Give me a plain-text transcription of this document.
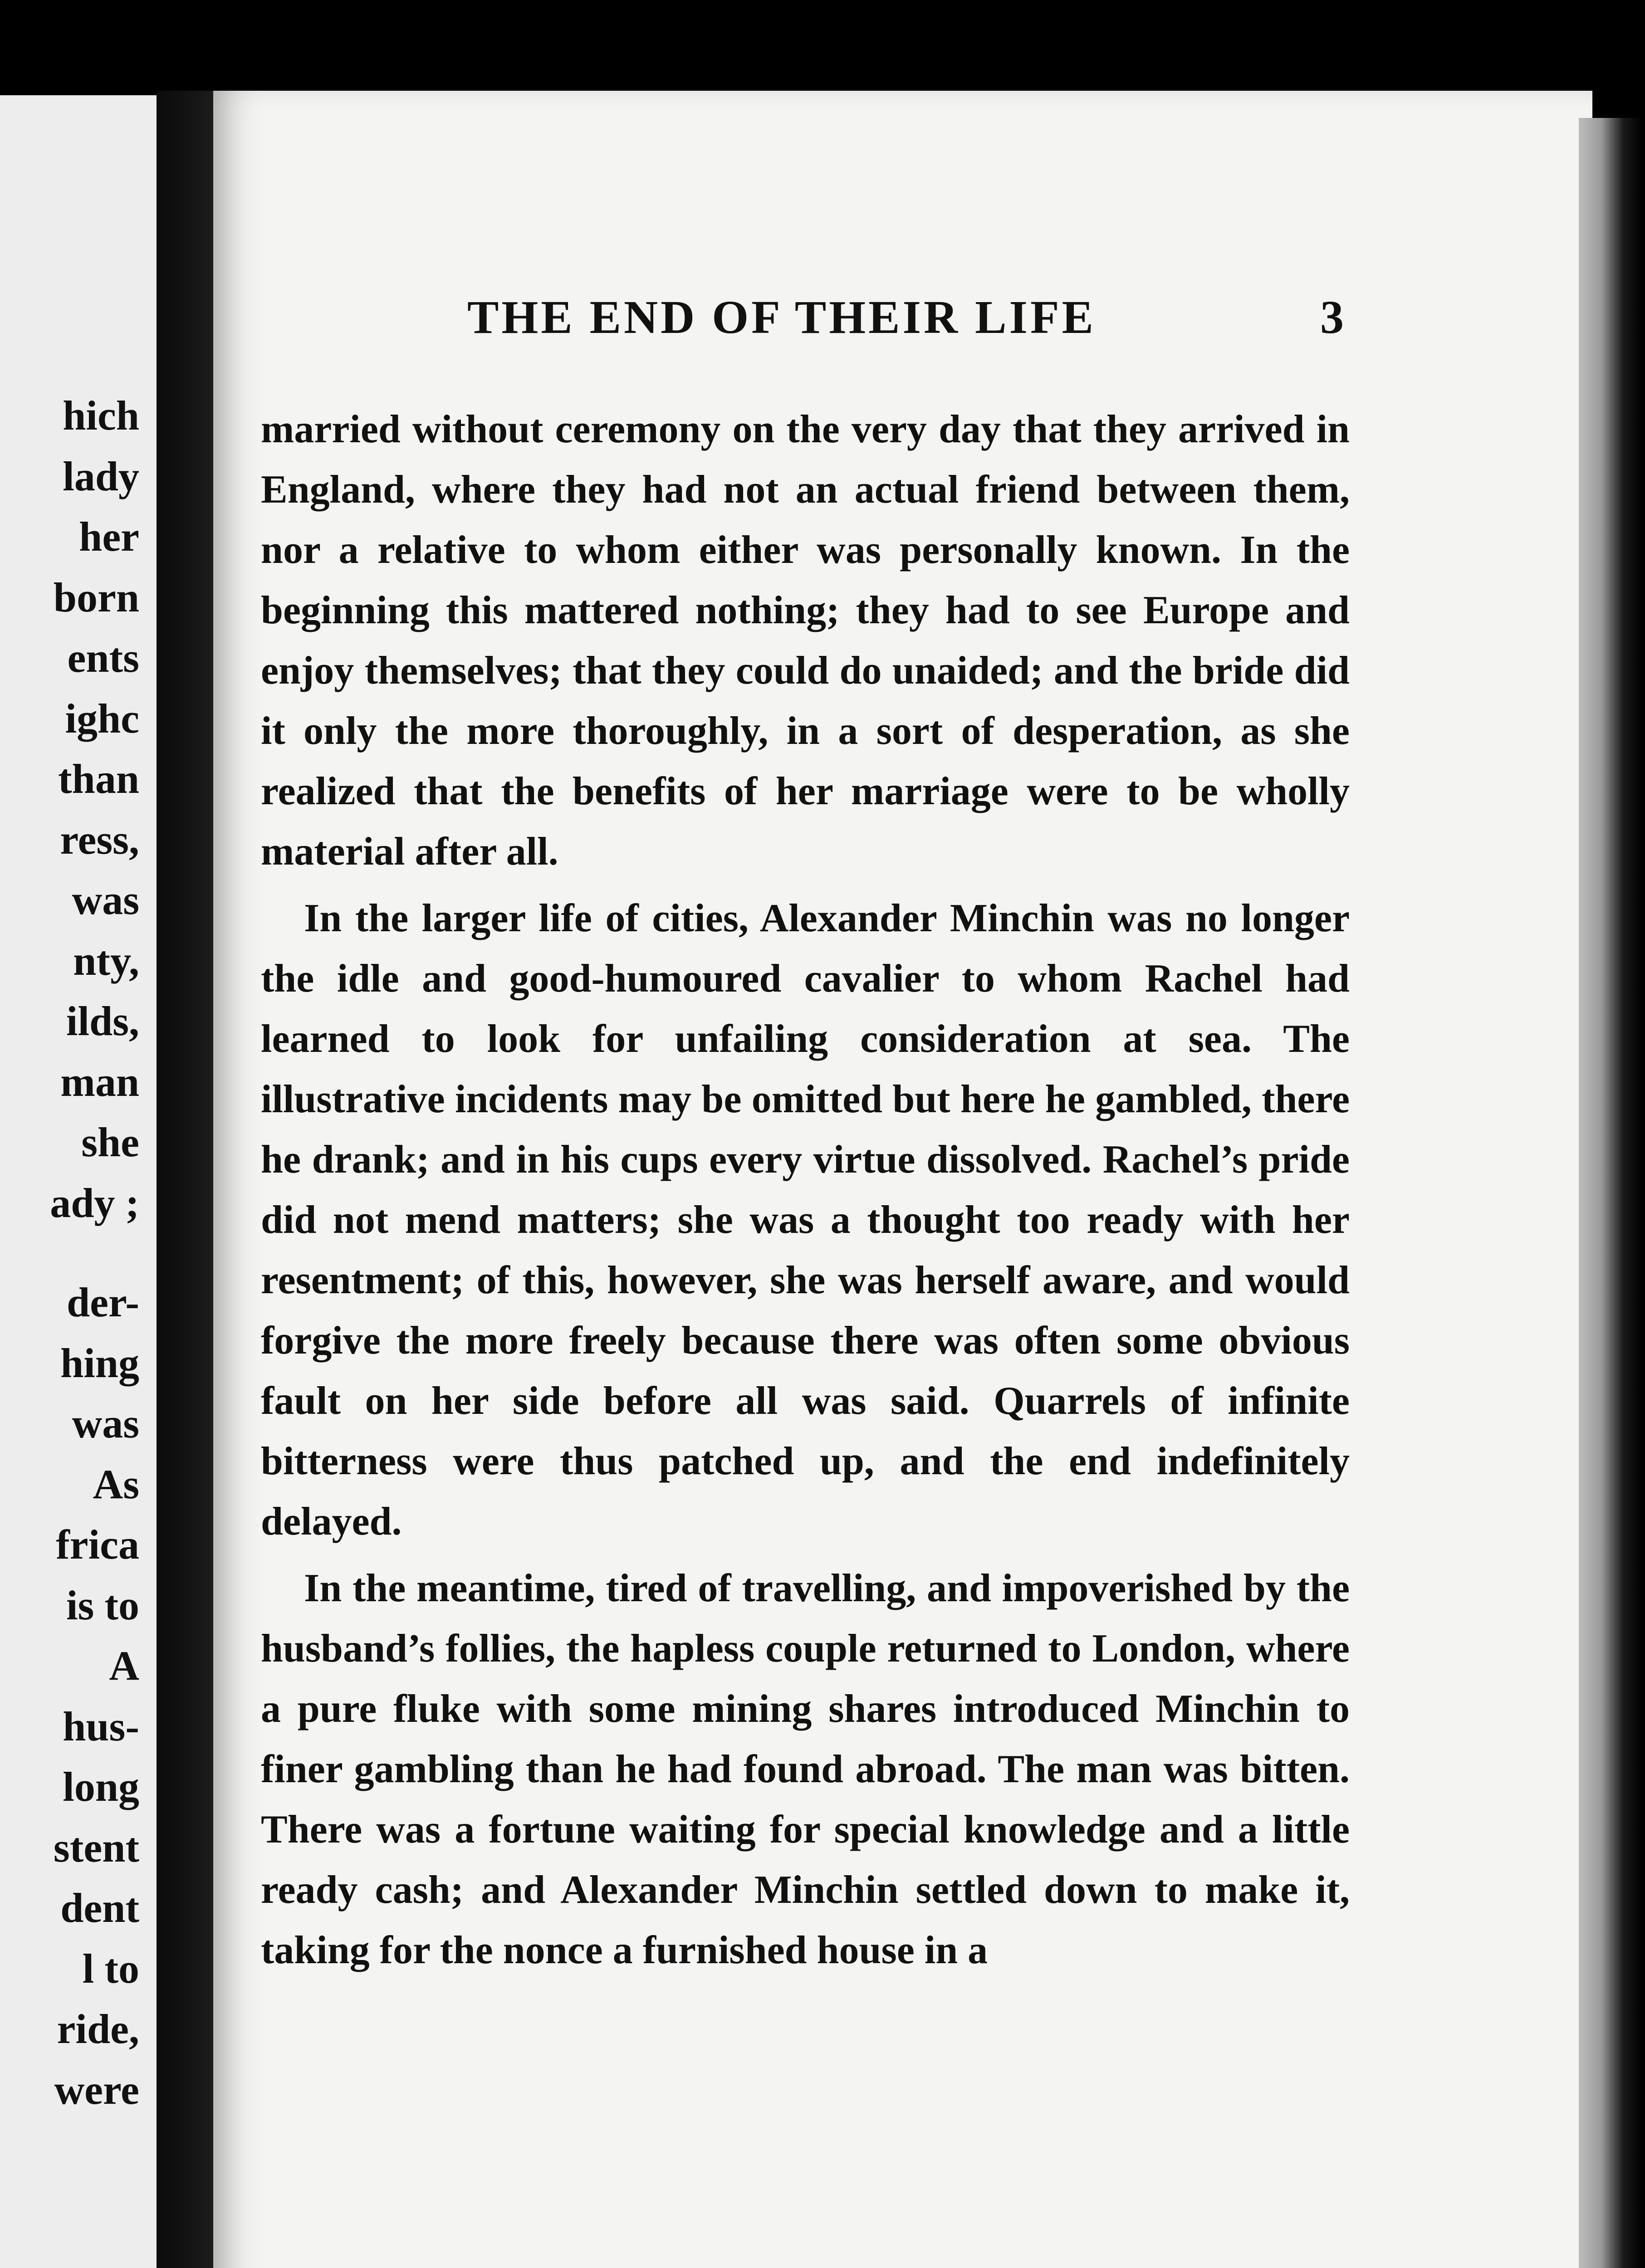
hich
lady
her
born
ents
ighc
than
ress,
was
nty,
ilds,
man
she
ady ;
der-
hing
was
As
frica
is to
A
hus-
long
stent
dent
l to
ride,
were
THE END OF THEIR LIFE	3

married without ceremony on the very day that they arrived in England, where they had not an actual friend between them, nor a relative to whom either was personally known. In the beginning this mattered nothing; they had to see Europe and enjoy themselves; that they could do unaided; and the bride did it only the more thoroughly, in a sort of desperation, as she realized that the benefits of her marriage were to be wholly material after all.

In the larger life of cities, Alexander Minchin was no longer the idle and good-humoured cavalier to whom Rachel had learned to look for unfailing consideration at sea. The illustrative incidents may be omitted but here he gambled, there he drank; and in his cups every virtue dissolved. Rachel’s pride did not mend matters; she was a thought too ready with her resentment; of this, however, she was herself aware, and would forgive the more freely because there was often some obvious fault on her side before all was said. Quarrels of infinite bitterness were thus patched up, and the end indefinitely delayed.

In the meantime, tired of travelling, and impoverished by the husband’s follies, the hapless couple returned to London, where a pure fluke with some mining shares introduced Minchin to finer gambling than he had found abroad. The man was bitten. There was a fortune waiting for special knowledge and a little ready cash; and Alexander Minchin settled down to make it, taking for the nonce a furnished house in a
